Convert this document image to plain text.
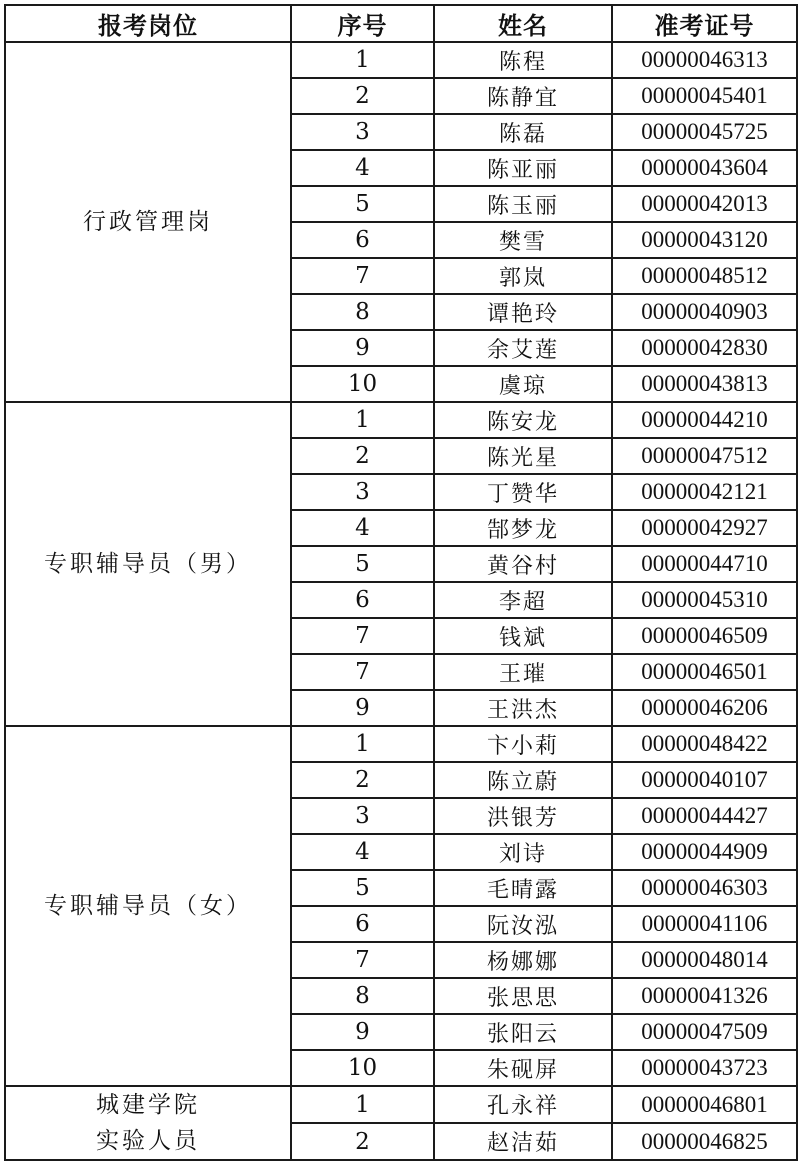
报考岗位	序号	姓名	准考证号

行政管理岗	1	陈程	00000046313
	2	陈静宜	00000045401
	3	陈磊	00000045725
	4	陈亚丽	00000043604
	5	陈玉丽	00000042013
	6	樊雪	00000043120
	7	郭岚	00000048512
	8	谭艳玲	00000040903
	9	余艾莲	00000042830
	10	虞琼	00000043813

专职辅导员（男）	1	陈安龙	00000044210
	2	陈光星	00000047512
	3	丁赞华	00000042121
	4	郜梦龙	00000042927
	5	黄谷村	00000044710
	6	李超	00000045310
	7	钱斌	00000046509
	7	王璀	00000046501
	9	王洪杰	00000046206

专职辅导员（女）	1	卞小莉	00000048422
	2	陈立蔚	00000040107
	3	洪银芳	00000044427
	4	刘诗	00000044909
	5	毛晴露	00000046303
	6	阮汝泓	00000041106
	7	杨娜娜	00000048014
	8	张思思	00000041326
	9	张阳云	00000047509
	10	朱砚屏	00000043723

城建学院
实验人员	1	孔永祥	00000046801
	2	赵洁茹	00000046825
